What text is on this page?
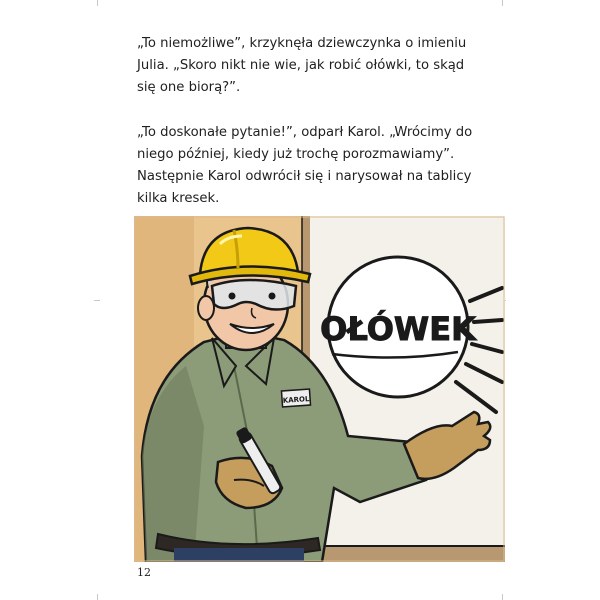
„To niemożliwe”, krzyknęła dziewczynka o imieniu
Julia. „Skoro nikt nie wie, jak robić ołówki, to skąd
się one biorą?”.

„To doskonałe pytanie!”, odparł Karol. „Wrócimy do
niego później, kiedy już trochę porozmawiamy”.
Następnie Karol odwrócił się i narysował na tablicy
kilka kresek.

OŁÓWEK
KAROL
12
